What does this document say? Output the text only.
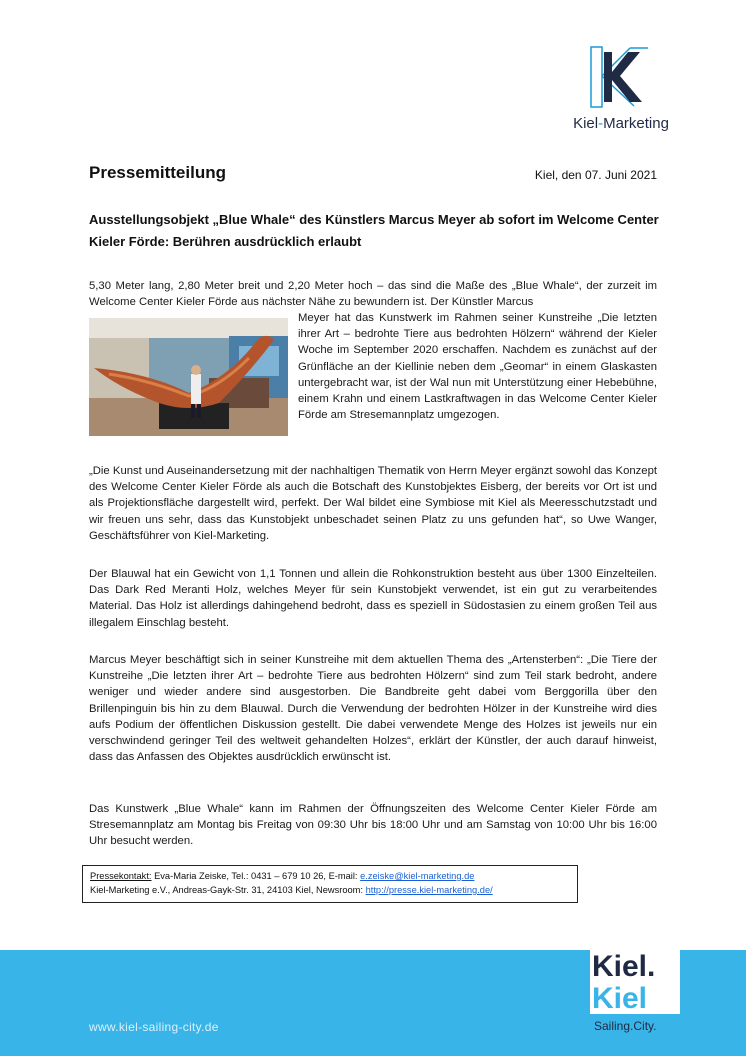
Kiel-Marketing
Pressemitteilung	Kiel, den 07. Juni 2021
Ausstellungsobjekt „Blue Whale“ des Künstlers Marcus Meyer ab sofort im Welcome Center Kieler Förde: Berühren ausdrücklich erlaubt
5,30 Meter lang, 2,80 Meter breit und 2,20 Meter hoch – das sind die Maße des „Blue Whale“, der zurzeit im Welcome Center Kieler Förde aus nächster Nähe zu bewundern ist. Der Künstler Marcus
Meyer hat das Kunstwerk im Rahmen seiner Kunstreihe „Die letzten ihrer Art – bedrohte Tiere aus bedrohten Hölzern“ während der Kieler Woche im September 2020 erschaffen. Nachdem es zunächst auf der Grünfläche an der Kiellinie neben dem „Geomar“ in einem Glaskasten untergebracht war, ist der Wal nun mit Unterstützung einer Hebebühne, einem Krahn und einem Lastkraftwagen in das Welcome Center Kieler Förde am Stresemannplatz umgezogen.
„Die Kunst und Auseinandersetzung mit der nachhaltigen Thematik von Herrn Meyer ergänzt sowohl das Konzept des Welcome Center Kieler Förde als auch die Botschaft des Kunstobjektes Eisberg, der bereits vor Ort ist und als Projektionsfläche dargestellt wird, perfekt. Der Wal bildet eine Symbiose mit Kiel als Meeresschutzstadt und wir freuen uns sehr, dass das Kunstobjekt unbeschadet seinen Platz zu uns gefunden hat“, so Uwe Wanger, Geschäftsführer von Kiel-Marketing.
Der Blauwal hat ein Gewicht von 1,1 Tonnen und allein die Rohkonstruktion besteht aus über 1300 Einzelteilen. Das Dark Red Meranti Holz, welches Meyer für sein Kunstobjekt verwendet, ist ein gut zu verarbeitendes Material. Das Holz ist allerdings dahingehend bedroht, dass es speziell in Südostasien zu einem großen Teil aus illegalem Einschlag besteht.
Marcus Meyer beschäftigt sich in seiner Kunstreihe mit dem aktuellen Thema des „Artensterben“: „Die Tiere der Kunstreihe „Die letzten ihrer Art – bedrohte Tiere aus bedrohten Hölzern“ sind zum Teil stark bedroht, andere weniger und wieder andere sind ausgestorben. Die Bandbreite geht dabei vom Berggorilla über den Brillenpinguin bis hin zu dem Blauwal. Durch die Verwendung der bedrohten Hölzer in der Kunstreihe wird dies aufs Podium der öffentlichen Diskussion gestellt. Die dabei verwendete Menge des Holzes ist jeweils nur ein verschwindend geringer Teil des weltweit gehandelten Holzes“, erklärt der Künstler, der auch darauf hinweist, dass das Anfassen des Objektes ausdrücklich erwünscht ist.
Das Kunstwerk „Blue Whale“ kann im Rahmen der Öffnungszeiten des Welcome Center Kieler Förde am Stresemannplatz am Montag bis Freitag von 09:30 Uhr bis 18:00 Uhr und am Samstag von 10:00 Uhr bis 16:00 Uhr besucht werden.
Pressekontakt: Eva-Maria Zeiske, Tel.: 0431 – 679 10 26, E-mail: e.zeiske@kiel-marketing.de
Kiel-Marketing e.V., Andreas-Gayk-Str. 31, 24103 Kiel, Newsroom: http://presse.kiel-marketing.de/
www.kiel-sailing-city.de
Kiel.
Kiel
Sailing.City.
